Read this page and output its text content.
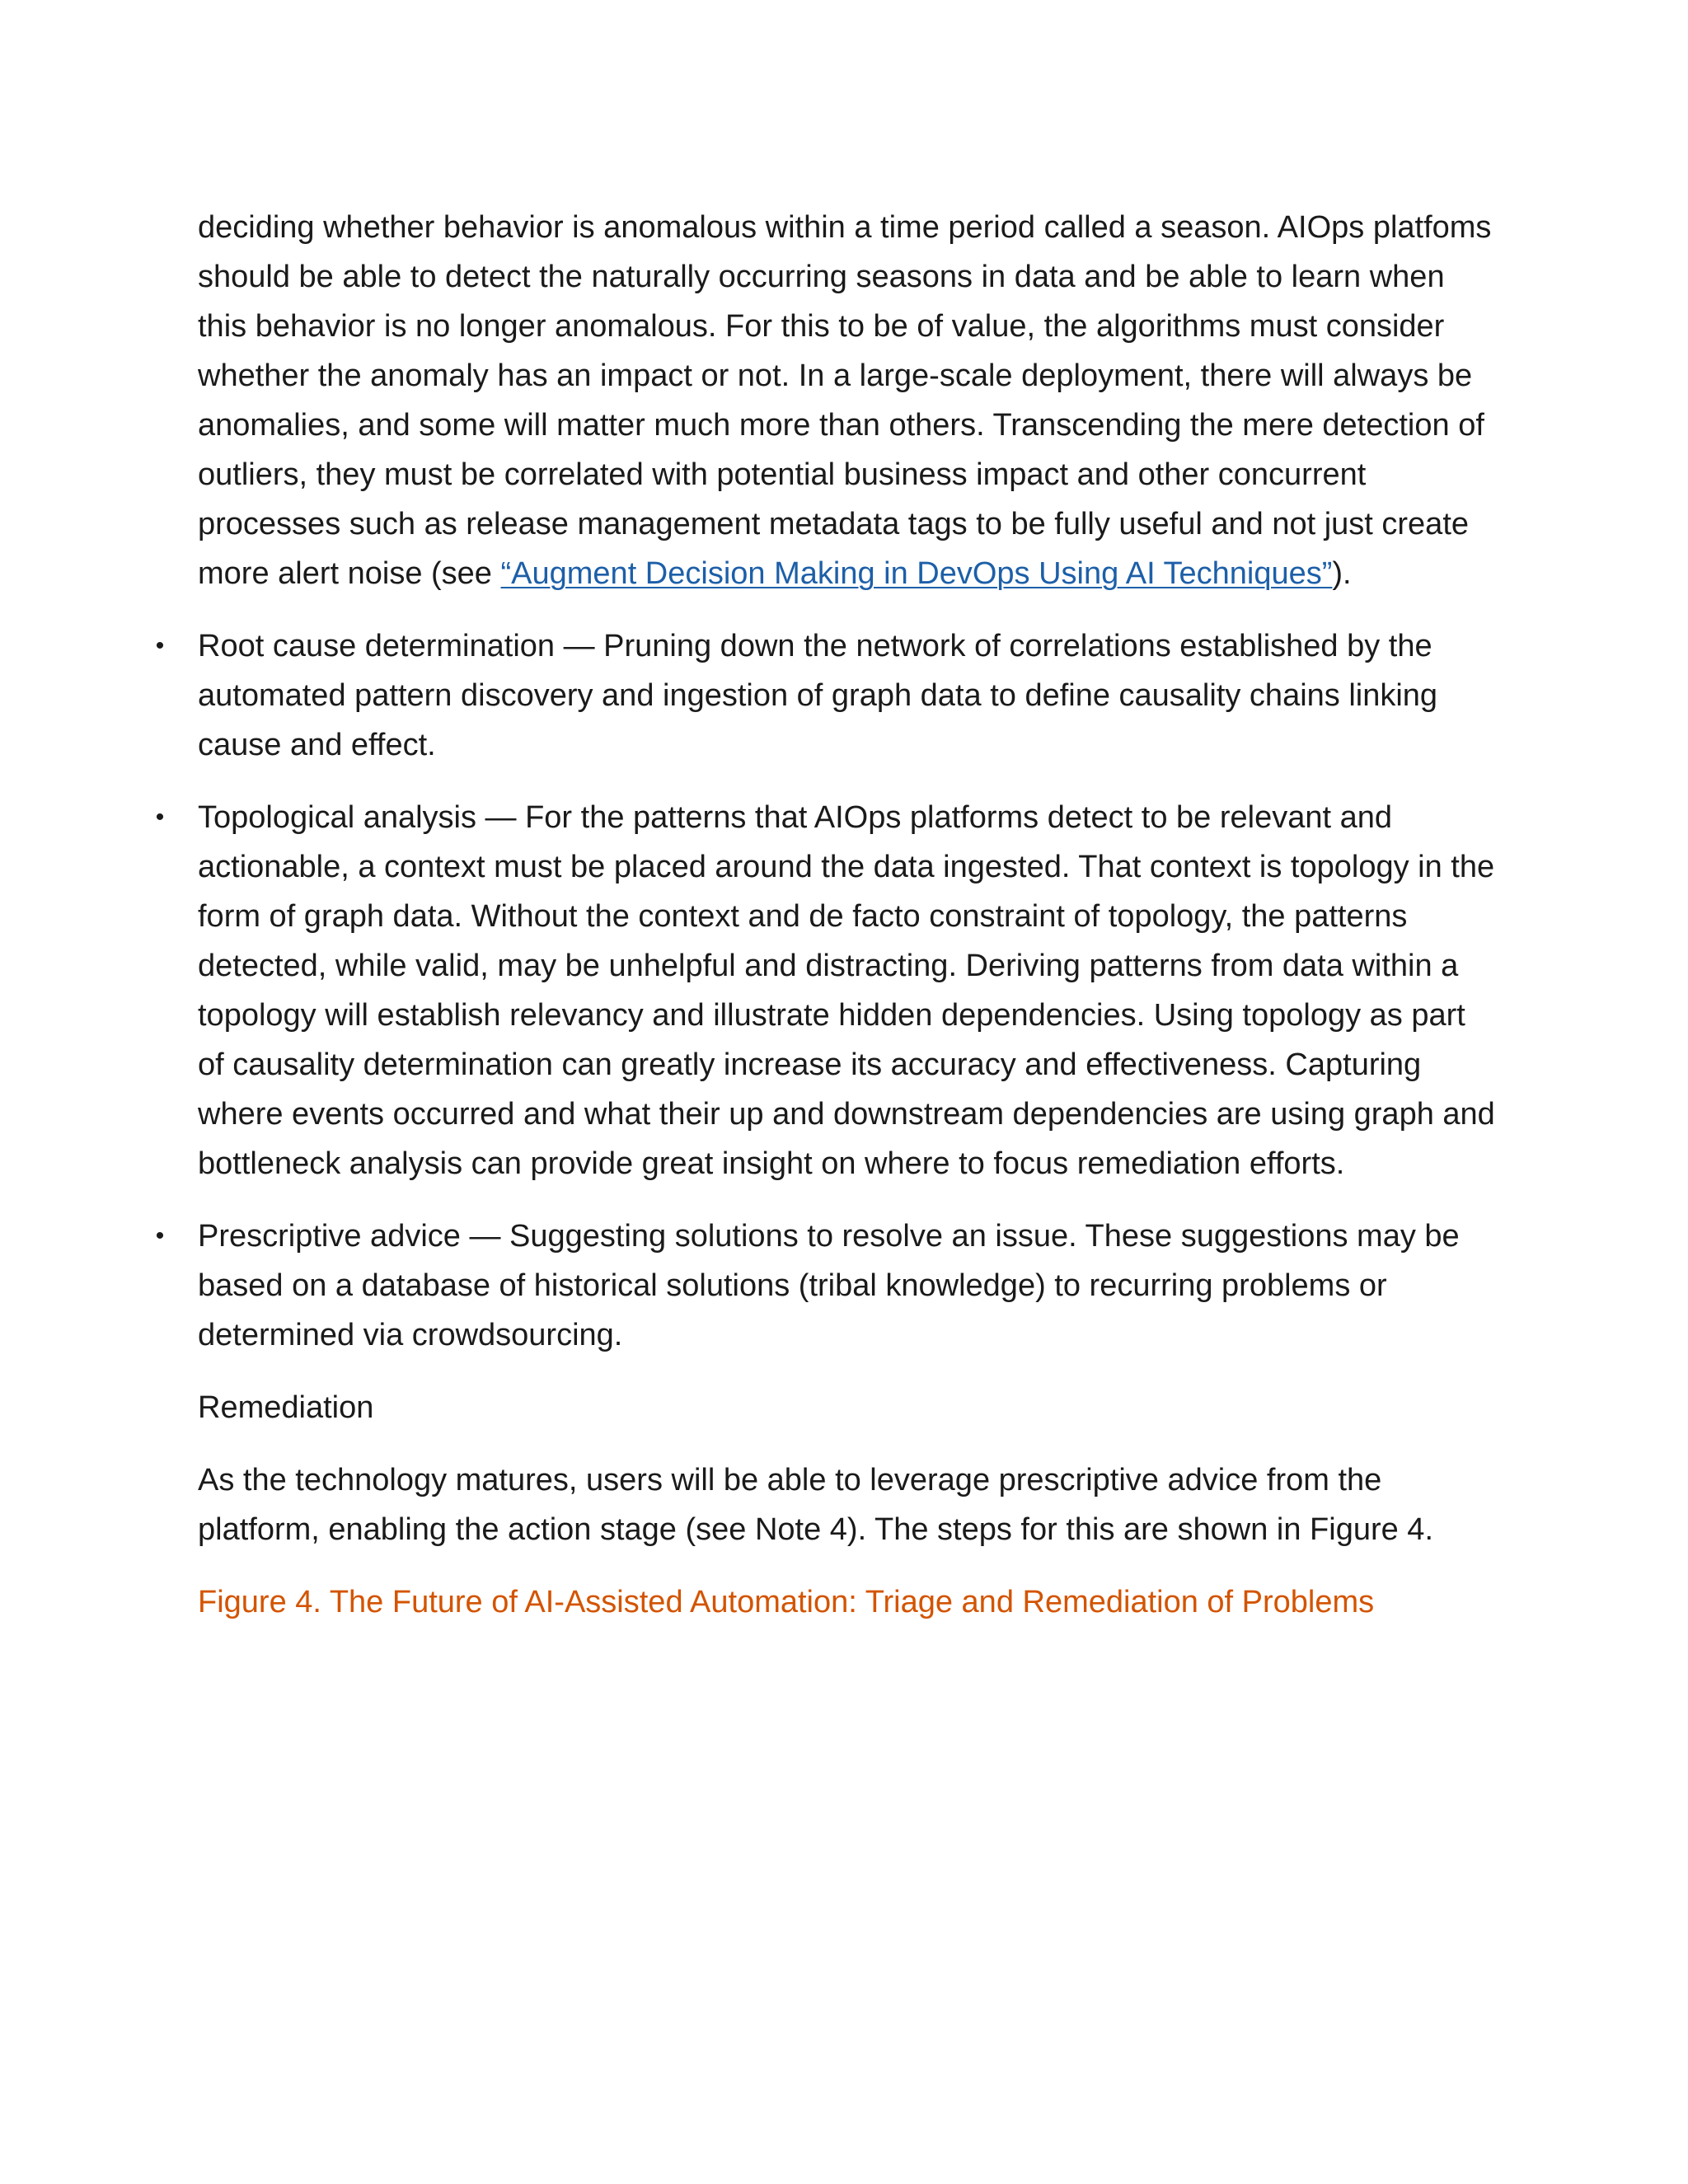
deciding whether behavior is anomalous within a time period called a season. AIOps platfoms should be able to detect the naturally occurring seasons in data and be able to learn when this behavior is no longer anomalous. For this to be of value, the algorithms must consider whether the anomaly has an impact or not. In a large-scale deployment, there will always be anomalies, and some will matter much more than others. Transcending the mere detection of outliers, they must be correlated with potential business impact and other concurrent processes such as release management metadata tags to be fully useful and not just create more alert noise (see “Augment Decision Making in DevOps Using AI Techniques”).

• Root cause determination — Pruning down the network of correlations established by the automated pattern discovery and ingestion of graph data to define causality chains linking cause and effect.
• Topological analysis — For the patterns that AIOps platforms detect to be relevant and actionable, a context must be placed around the data ingested. That context is topology in the form of graph data. Without the context and de facto constraint of topology, the patterns detected, while valid, may be unhelpful and distracting. Deriving patterns from data within a topology will establish relevancy and illustrate hidden dependencies. Using topology as part of causality determination can greatly increase its accuracy and effectiveness. Capturing where events occurred and what their up and downstream dependencies are using graph and bottleneck analysis can provide great insight on where to focus remediation efforts.
• Prescriptive advice — Suggesting solutions to resolve an issue. These suggestions may be based on a database of historical solutions (tribal knowledge) to recurring problems or determined via crowdsourcing.

Remediation

As the technology matures, users will be able to leverage prescriptive advice from the platform, enabling the action stage (see Note 4). The steps for this are shown in Figure 4.

Figure 4. The Future of AI-Assisted Automation: Triage and Remediation of Problems
